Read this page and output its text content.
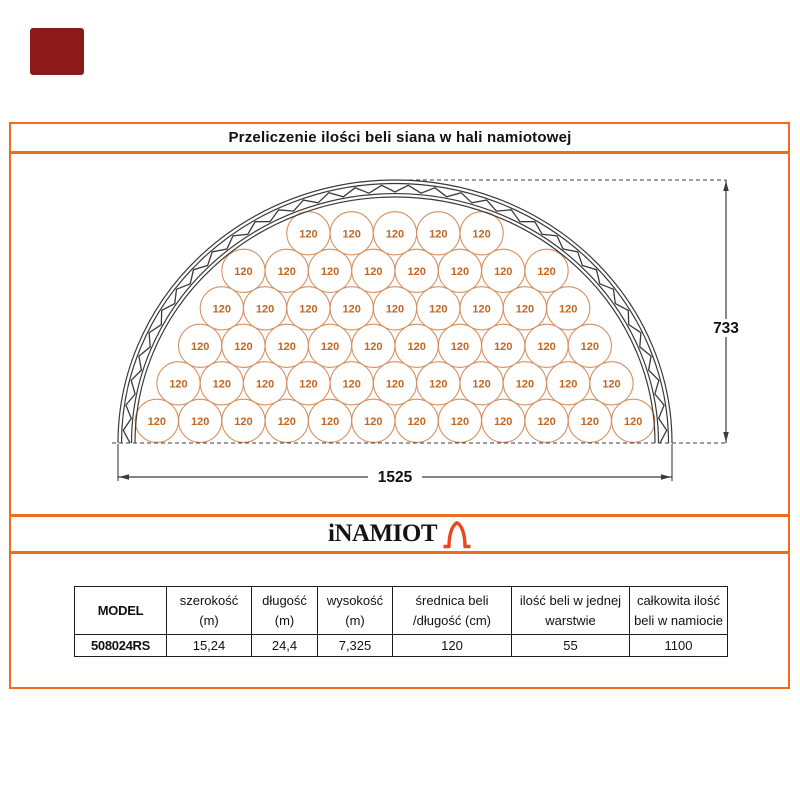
Przeliczenie ilości beli siana w hali namiotowej
120 120 120 120 120
120 120 120 120 120 120 120 120
120 120 120 120 120 120 120 120 120
120 120 120 120 120 120 120 120 120 120
120 120 120 120 120 120 120 120 120 120 120
120 120 120 120 120 120 120 120 120 120 120 120
733
1525
iNAMIOT
MODEL

szerokość
(m)

długość
(m)

wysokość
(m)

średnica beli
/długość (cm)

ilość beli w jednej
warstwie

całkowita ilość
beli w namiocie

508024RS	15,24	24,4	7,325	120	55	1100
